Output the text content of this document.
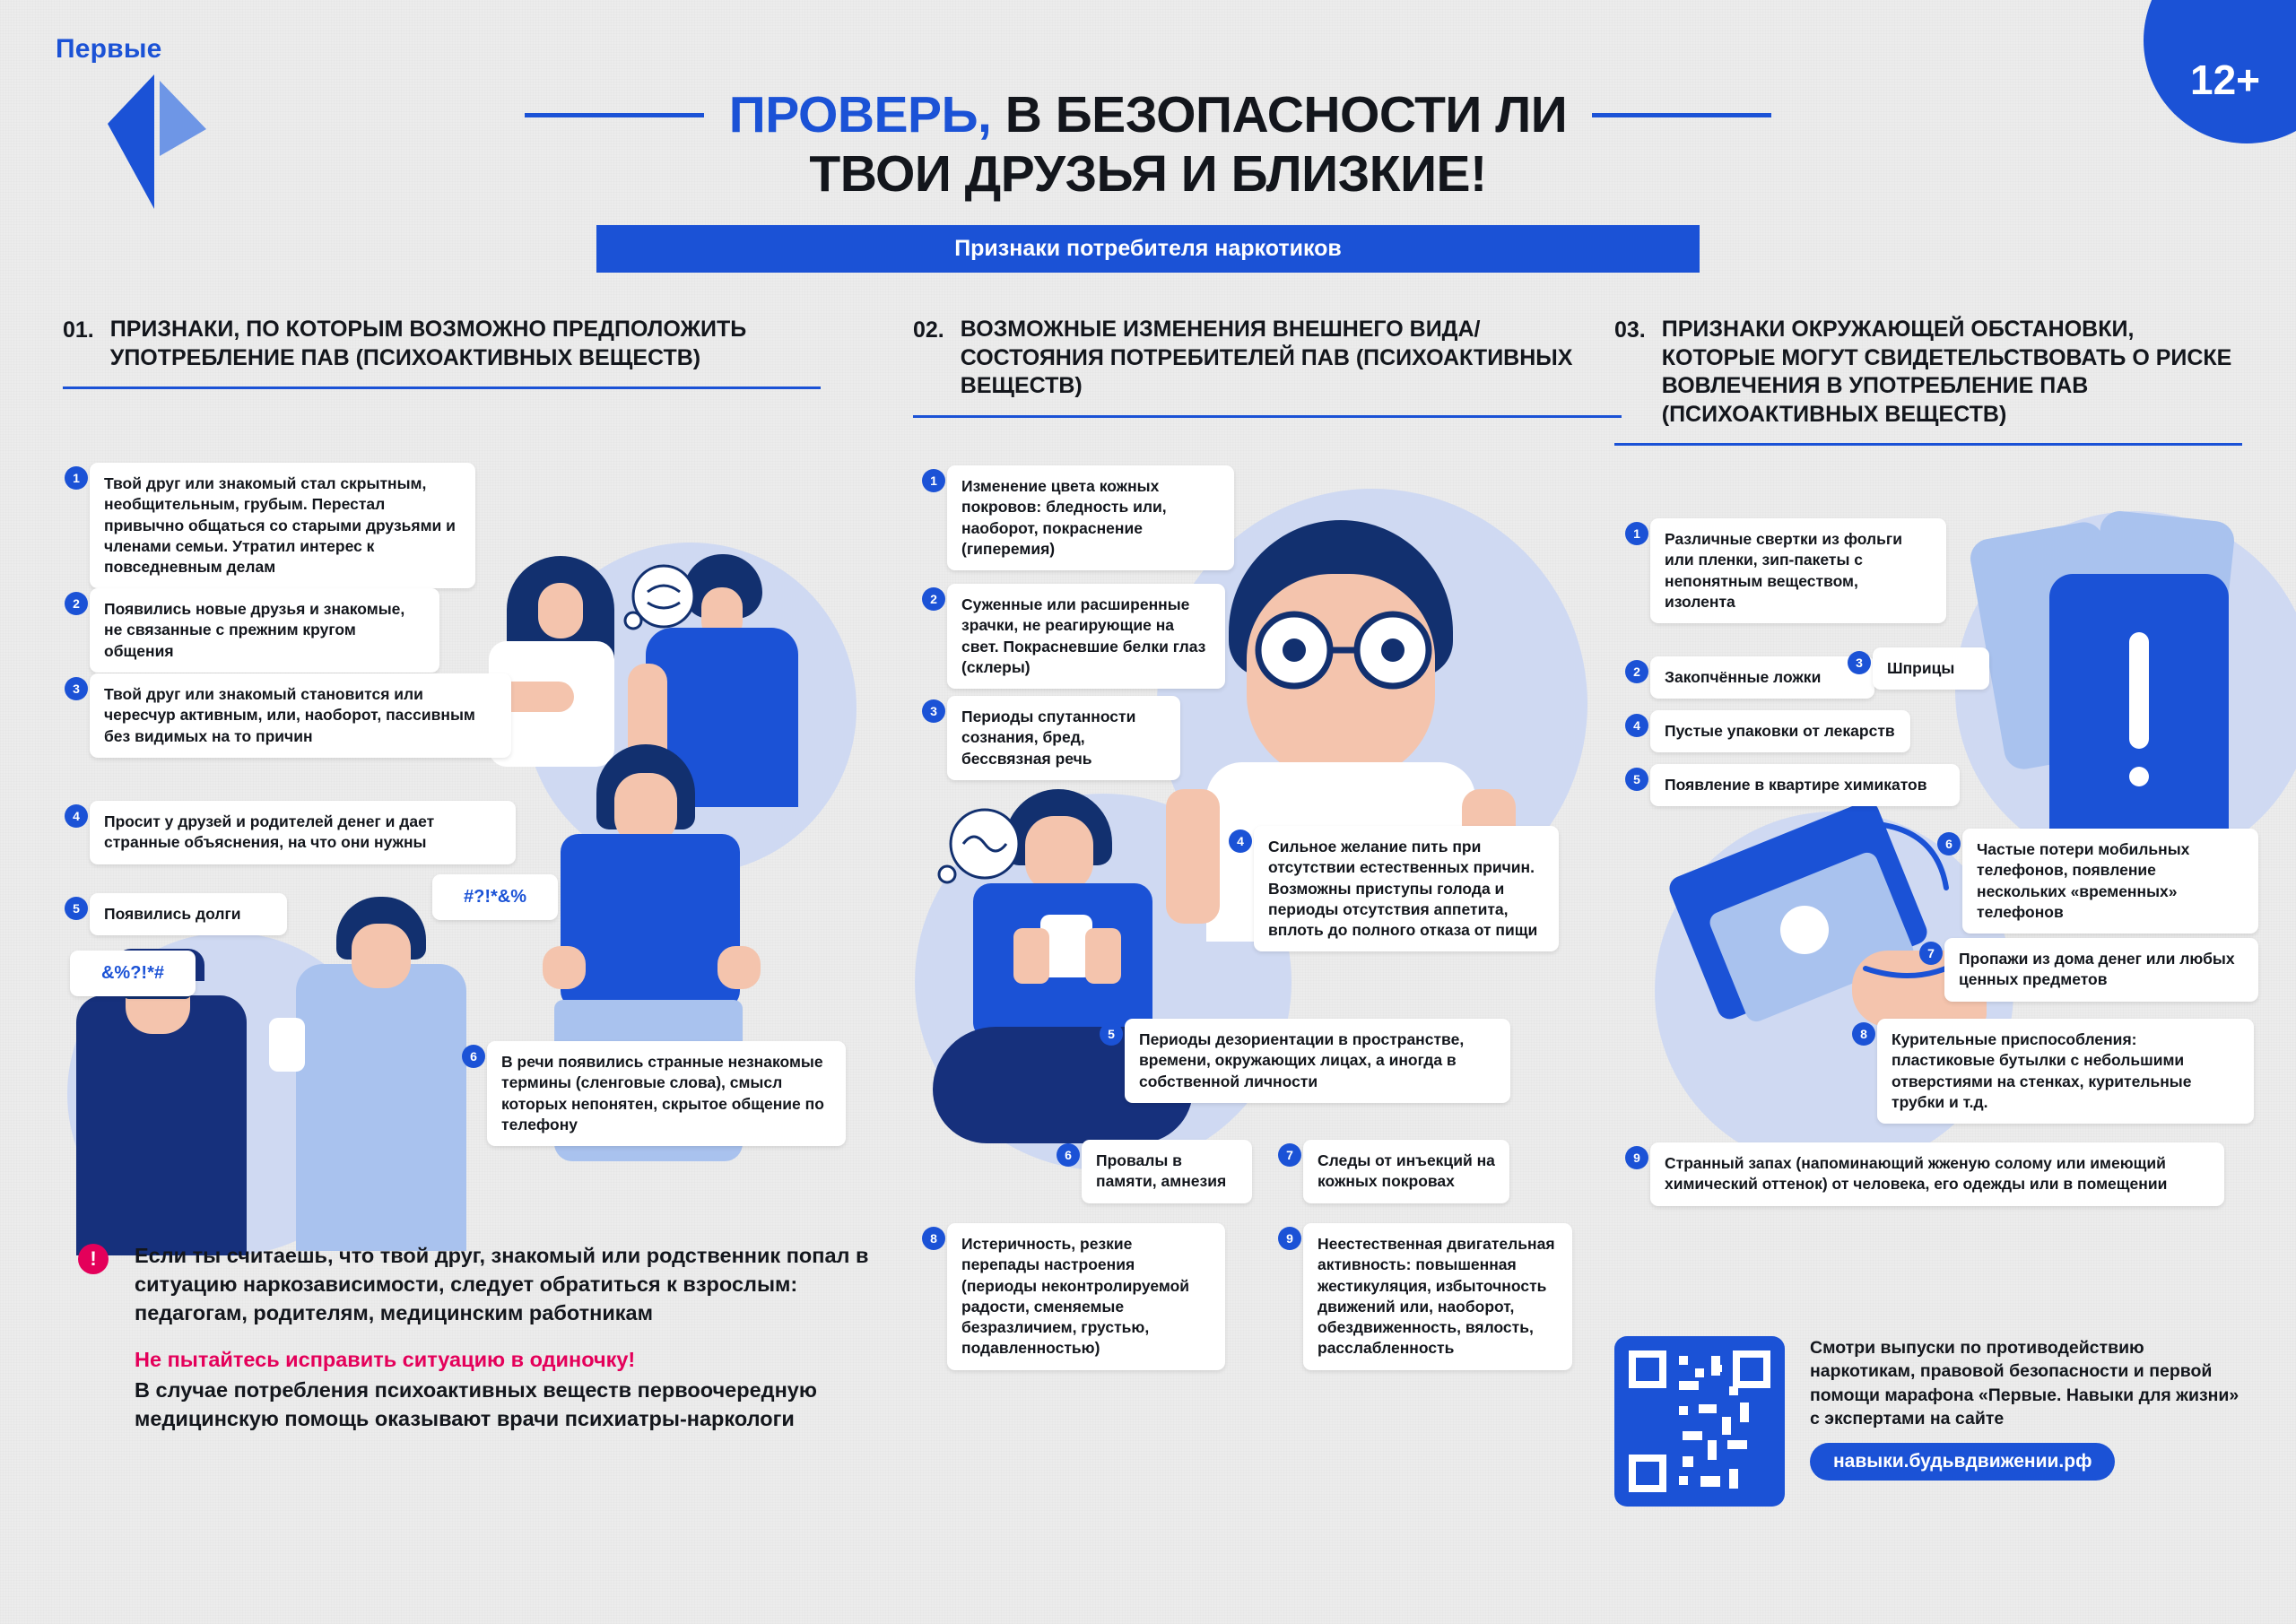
Первые
12+
ПРОВЕРЬ, В БЕЗОПАСНОСТИ ЛИ
ТВОИ ДРУЗЬЯ И БЛИЗКИЕ!
Признаки потребителя наркотиков
01. ПРИЗНАКИ, ПО КОТОРЫМ ВОЗМОЖНО ПРЕДПОЛОЖИТЬ УПОТРЕБЛЕНИЕ ПАВ (ПСИХОАКТИВНЫХ ВЕЩЕСТВ)
02. ВОЗМОЖНЫЕ ИЗМЕНЕНИЯ ВНЕШНЕГО ВИДА/СОСТОЯНИЯ ПОТРЕБИТЕЛЕЙ ПАВ (ПСИХОАКТИВНЫХ ВЕЩЕСТВ)
03. ПРИЗНАКИ ОКРУЖАЮЩЕЙ ОБСТАНОВКИ, КОТОРЫЕ МОГУТ СВИДЕТЕЛЬСТВОВАТЬ О РИСКЕ ВОВЛЕЧЕНИЯ В УПОТРЕБЛЕНИЕ ПАВ (ПСИХОАКТИВНЫХ ВЕЩЕСТВ)
1	Твой друг или знакомый стал скрытным, необщительным, грубым. Перестал привычно общаться со старыми друзьями и членами семьи. Утратил интерес к повседневным делам
2	Появились новые друзья и знакомые, не связанные с прежним кругом общения
3	Твой друг или знакомый становится или чересчур активным, или, наоборот, пассивным без видимых на то причин
4	Просит у друзей и родителей денег и дает странные объяснения, на что они нужны
5	Появились долги
6	В речи появились странные незнакомые термины (сленговые слова), смысл которых непонятен, скрытое общение по телефону
#?!*&%
&%?!*#
1	Изменение цвета кожных покровов: бледность или, наоборот, покраснение (гиперемия)
2	Суженные или расширенные зрачки, не реагирующие на свет. Покрасневшие белки глаз (склеры)
3	Периоды спутанности сознания, бред, бессвязная речь
4	Сильное желание пить при отсутствии естественных причин. Возможны приступы голода и периоды отсутствия аппетита, вплоть до полного отказа от пищи
5	Периоды дезориентации в пространстве, времени, окружающих лицах, а иногда в собственной личности
6	Провалы в памяти, амнезия
7	Следы от инъекций на кожных покровах
8	Истеричность, резкие перепады настроения (периоды неконтролируемой радости, сменяемые безразличием, грустью, подавленностью)
9	Неестественная двигательная активность: повышенная жестикуляция, избыточность движений или, наоборот, обездвиженность, вялость, расслабленность
1	Различные свертки из фольги или пленки, зип-пакеты с непонятным веществом, изолента
2	Закопчённые ложки
3	Шприцы
4	Пустые упаковки от лекарств
5	Появление в квартире химикатов
6	Частые потери мобильных телефонов, появление нескольких «временных» телефонов
7	Пропажи из дома денег или любых ценных предметов
8	Курительные приспособления: пластиковые бутылки с небольшими отверстиями на стенках, курительные трубки и т.д.
9	Странный запах (напоминающий жженую солому или имеющий химический оттенок) от человека, его одежды или в помещении
!	Если ты считаешь, что твой друг, знакомый или родственник попал в ситуацию наркозависимости, следует обратиться к взрослым: педагогам, родителям, медицинским работникам

Не пытайтесь исправить ситуацию в одиночку!

В случае потребления психоактивных веществ первоочередную медицинскую помощь оказывают врачи психиатры-наркологи

Смотри выпуски по противодействию наркотикам, правовой безопасности и первой помощи марафона «Первые. Навыки для жизни» с экспертами на сайте
навыки.будьвдвижении.рф
